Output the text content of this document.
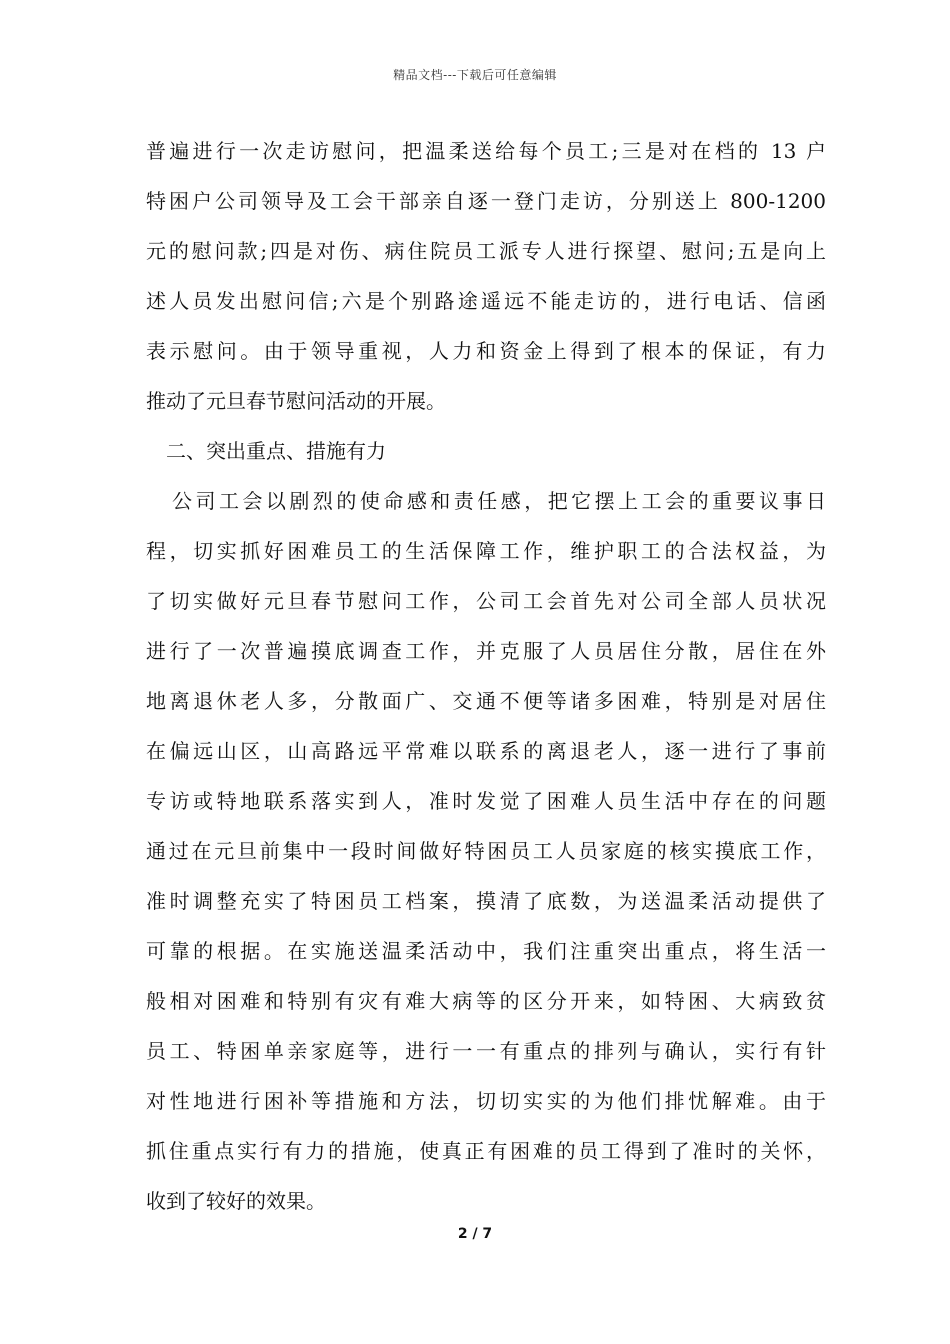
精品文档---下载后可任意编辑
普遍进行一次走访慰问，把温柔送给每个员工;三是对在档的 13 户
特困户公司领导及工会干部亲自逐一登门走访，分别送上 800-1200
元的慰问款;四是对伤、病住院员工派专人进行探望、慰问;五是向上
述人员发出慰问信;六是个别路途遥远不能走访的，进行电话、信函
表示慰问。由于领导重视，人力和资金上得到了根本的保证，有力
推动了元旦春节慰问活动的开展。
二、突出重点、措施有力
公司工会以剧烈的使命感和责任感，把它摆上工会的重要议事日
程，切实抓好困难员工的生活保障工作，维护职工的合法权益，为
了切实做好元旦春节慰问工作，公司工会首先对公司全部人员状况
进行了一次普遍摸底调查工作，并克服了人员居住分散，居住在外
地离退休老人多，分散面广、交通不便等诸多困难，特别是对居住
在偏远山区，山高路远平常难以联系的离退老人，逐一进行了事前
专访或特地联系落实到人，准时发觉了困难人员生活中存在的问题
通过在元旦前集中一段时间做好特困员工人员家庭的核实摸底工作，
准时调整充实了特困员工档案，摸清了底数，为送温柔活动提供了
可靠的根据。在实施送温柔活动中，我们注重突出重点，将生活一
般相对困难和特别有灾有难大病等的区分开来，如特困、大病致贫
员工、特困单亲家庭等，进行一一有重点的排列与确认，实行有针
对性地进行困补等措施和方法，切切实实的为他们排忧解难。由于
抓住重点实行有力的措施，使真正有困难的员工得到了准时的关怀，
收到了较好的效果。
2 / 7
